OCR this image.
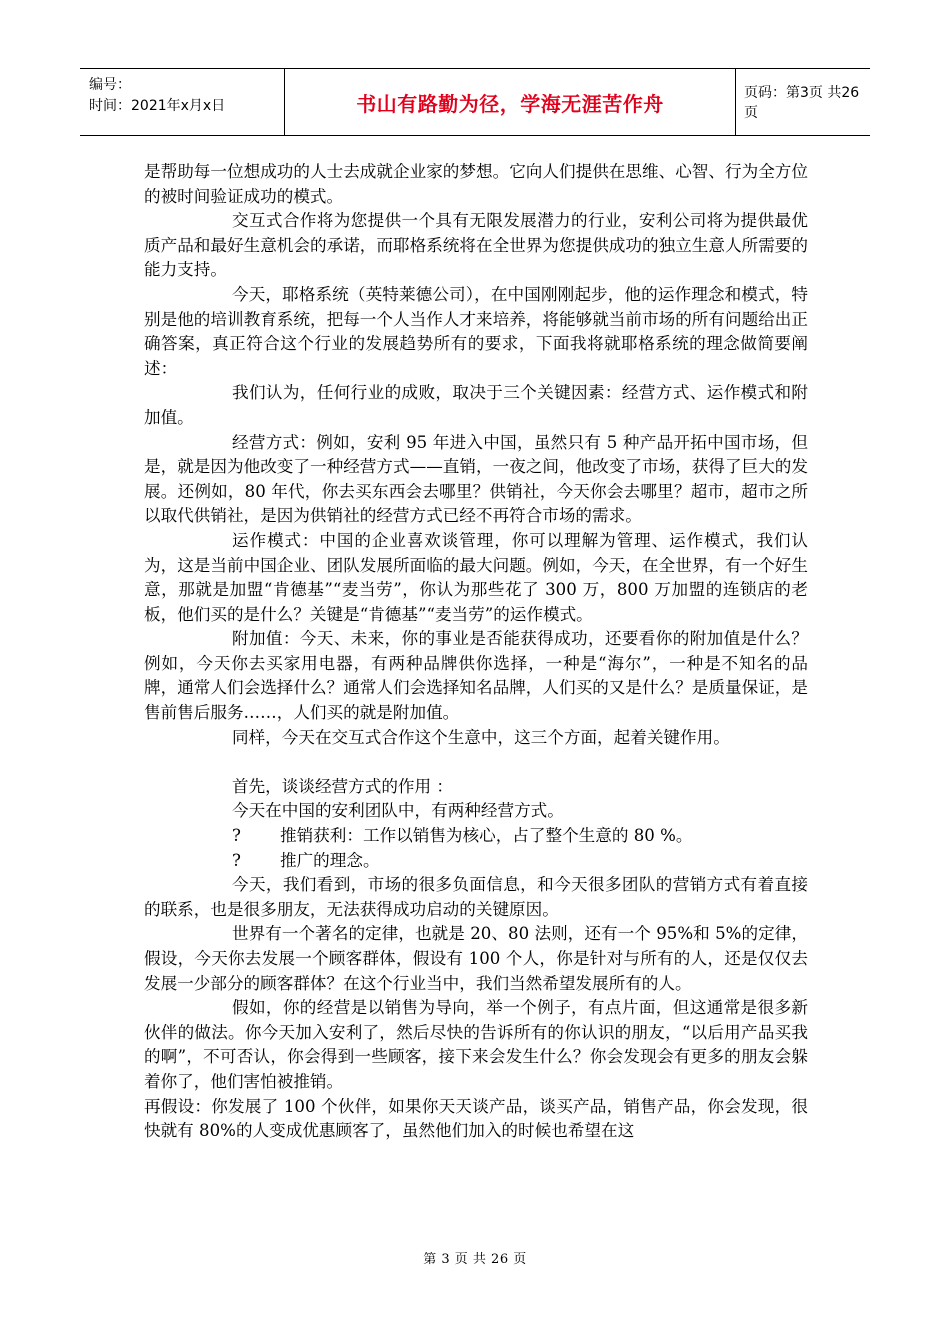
编号：
时间：2021年x月x日	书山有路勤为径，学海无涯苦作舟	页码：第3页 共26页

是帮助每一位想成功的人士去成就企业家的梦想。它向人们提供在思维、心智、行为全方位的被时间验证成功的模式。

交互式合作将为您提供一个具有无限发展潜力的行业，安利公司将为提供最优质产品和最好生意机会的承诺，而耶格系统将在全世界为您提供成功的独立生意人所需要的能力支持。

今天，耶格系统（英特莱德公司），在中国刚刚起步，他的运作理念和模式，特别是他的培训教育系统，把每一个人当作人才来培养，将能够就当前市场的所有问题给出正确答案，真正符合这个行业的发展趋势所有的要求，下面我将就耶格系统的理念做简要阐述：

我们认为，任何行业的成败，取决于三个关键因素：经营方式、运作模式和附加值。

经营方式：例如，安利 95 年进入中国，虽然只有 5 种产品开拓中国市场，但是，就是因为他改变了一种经营方式——直销，一夜之间，他改变了市场，获得了巨大的发展。还例如，80 年代，你去买东西会去哪里？供销社，今天你会去哪里？超市，超市之所以取代供销社，是因为供销社的经营方式已经不再符合市场的需求。

运作模式：中国的企业喜欢谈管理，你可以理解为管理、运作模式，我们认为，这是当前中国企业、团队发展所面临的最大问题。例如，今天，在全世界，有一个好生意，那就是加盟“肯德基”“麦当劳”，你认为那些花了 300 万，800 万加盟的连锁店的老板，他们买的是什么？关键是“肯德基”“麦当劳”的运作模式。

附加值：今天、未来，你的事业是否能获得成功，还要看你的附加值是什么？例如，今天你去买家用电器，有两种品牌供你选择，一种是“海尔”，一种是不知名的品牌，通常人们会选择什么？通常人们会选择知名品牌，人们买的又是什么？是质量保证，是售前售后服务……，人们买的就是附加值。

同样，今天在交互式合作这个生意中，这三个方面，起着关键作用。

首先，谈谈经营方式的作用 ：

今天在中国的安利团队中，有两种经营方式。

? 推销获利：工作以销售为核心，占了整个生意的 80 %。

? 推广的理念。

今天，我们看到，市场的很多负面信息，和今天很多团队的营销方式有着直接的联系，也是很多朋友，无法获得成功启动的关键原因。

世界有一个著名的定律，也就是 20、80 法则，还有一个 95%和 5%的定律，假设，今天你去发展一个顾客群体，假设有 100 个人，你是针对与所有的人，还是仅仅去发展一少部分的顾客群体？在这个行业当中，我们当然希望发展所有的人。

假如，你的经营是以销售为导向，举一个例子，有点片面，但这通常是很多新伙伴的做法。你今天加入安利了，然后尽快的告诉所有的你认识的朋友，“以后用产品买我的啊”，不可否认，你会得到一些顾客，接下来会发生什么？你会发现会有更多的朋友会躲着你了，他们害怕被推销。

再假设：你发展了 100 个伙伴，如果你天天谈产品，谈买产品，销售产品，你会发现，很快就有 80%的人变成优惠顾客了，虽然他们加入的时候也希望在这

第 3 页 共 26 页
